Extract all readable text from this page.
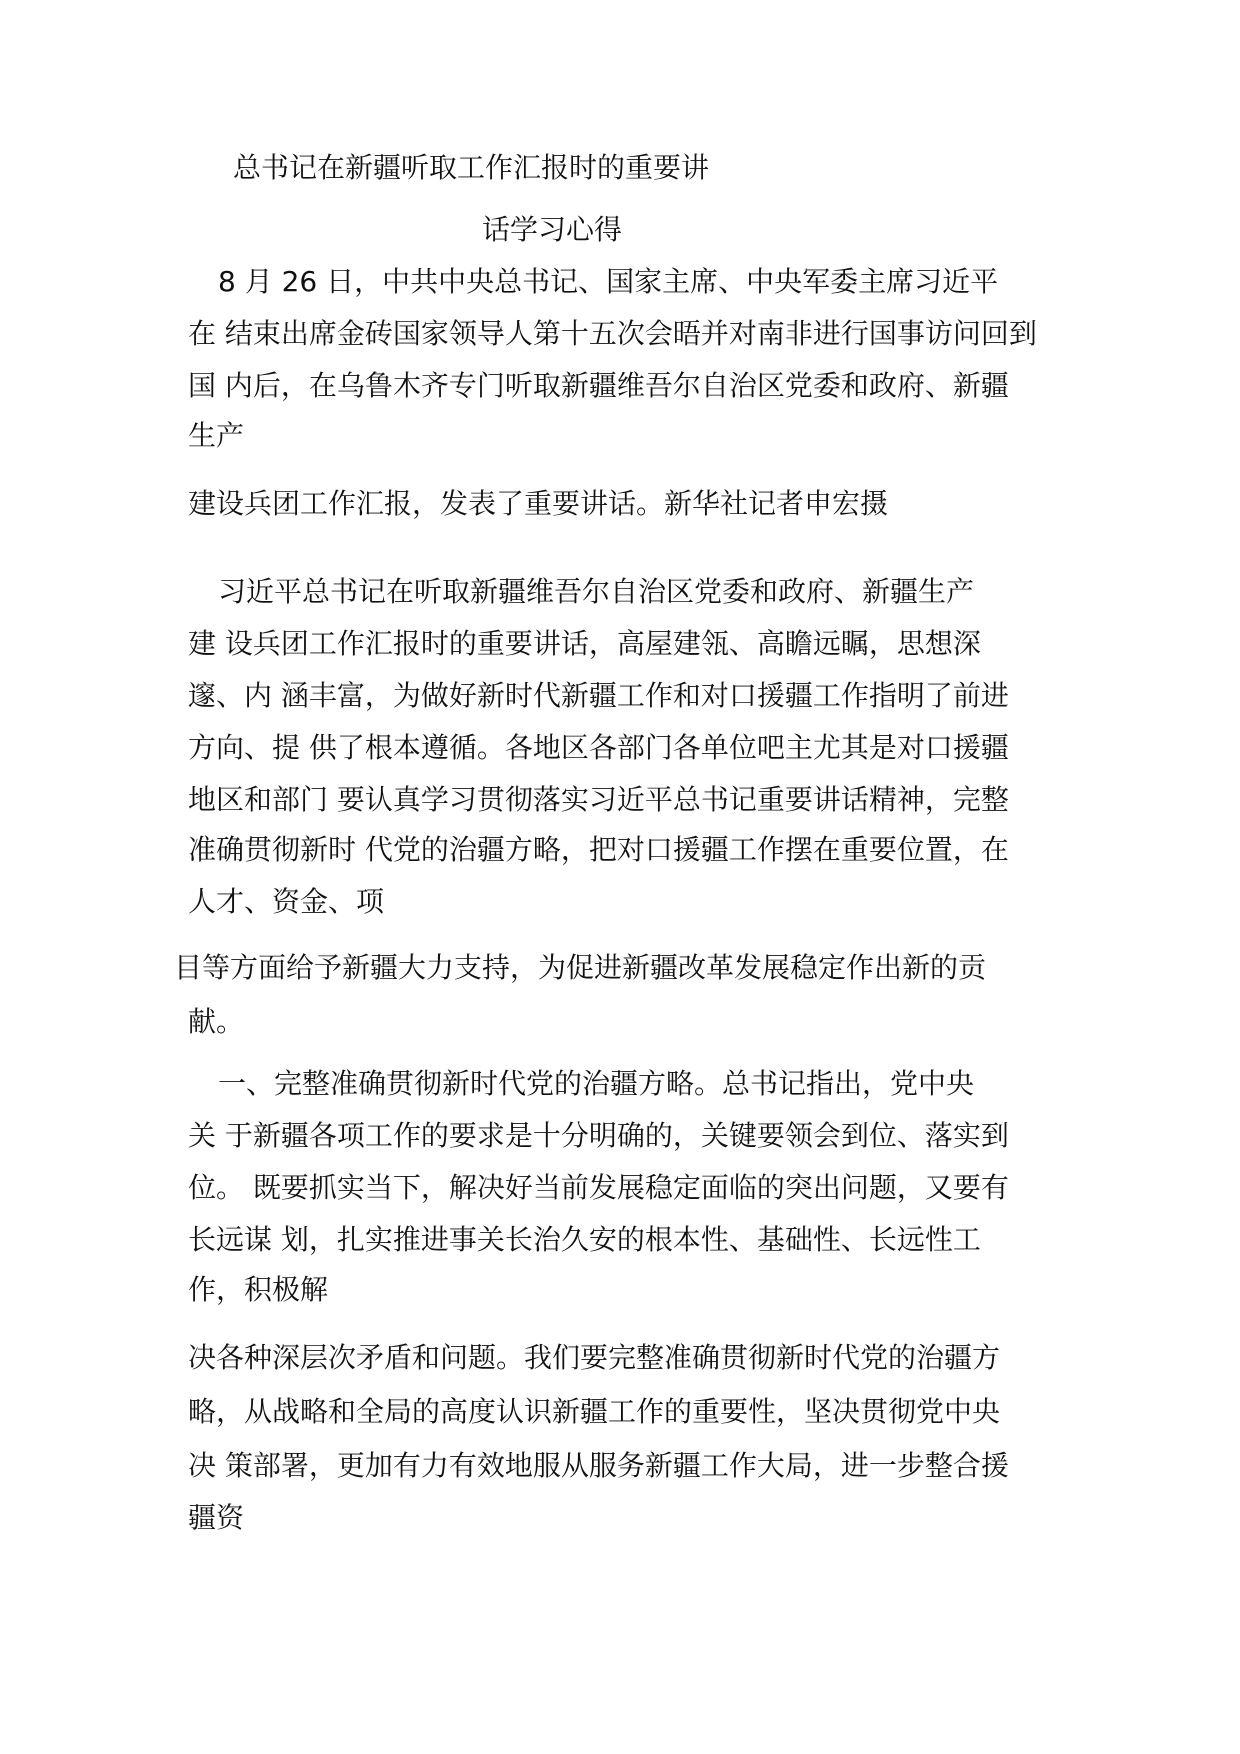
总书记在新疆听取工作汇报时的重要讲
话学习心得
8 月 26 日，中共中央总书记、国家主席、中央军委主席习近平
在 结束出席金砖国家领导人第十五次会晤并对南非进行国事访问回到
国 内后，在乌鲁木齐专门听取新疆维吾尔自治区党委和政府、新疆
生产
建设兵团工作汇报，发表了重要讲话。新华社记者申宏摄
习近平总书记在听取新疆维吾尔自治区党委和政府、新疆生产
建 设兵团工作汇报时的重要讲话，高屋建瓴、高瞻远瞩，思想深
邃、内 涵丰富，为做好新时代新疆工作和对口援疆工作指明了前进
方向、提 供了根本遵循。各地区各部门各单位吧主尤其是对口援疆
地区和部门 要认真学习贯彻落实习近平总书记重要讲话精神，完整
准确贯彻新时 代党的治疆方略，把对口援疆工作摆在重要位置，在
人才、资金、项
目等方面给予新疆大力支持，为促进新疆改革发展稳定作出新的贡
献。
一、完整准确贯彻新时代党的治疆方略。总书记指出，党中央
关 于新疆各项工作的要求是十分明确的，关键要领会到位、落实到
位。 既要抓实当下，解决好当前发展稳定面临的突出问题，又要有
长远谋 划，扎实推进事关长治久安的根本性、基础性、长远性工
作，积极解
决各种深层次矛盾和问题。我们要完整准确贯彻新时代党的治疆方
略，从战略和全局的高度认识新疆工作的重要性，坚决贯彻党中央
决 策部署，更加有力有效地服从服务新疆工作大局，进一步整合援
疆资
